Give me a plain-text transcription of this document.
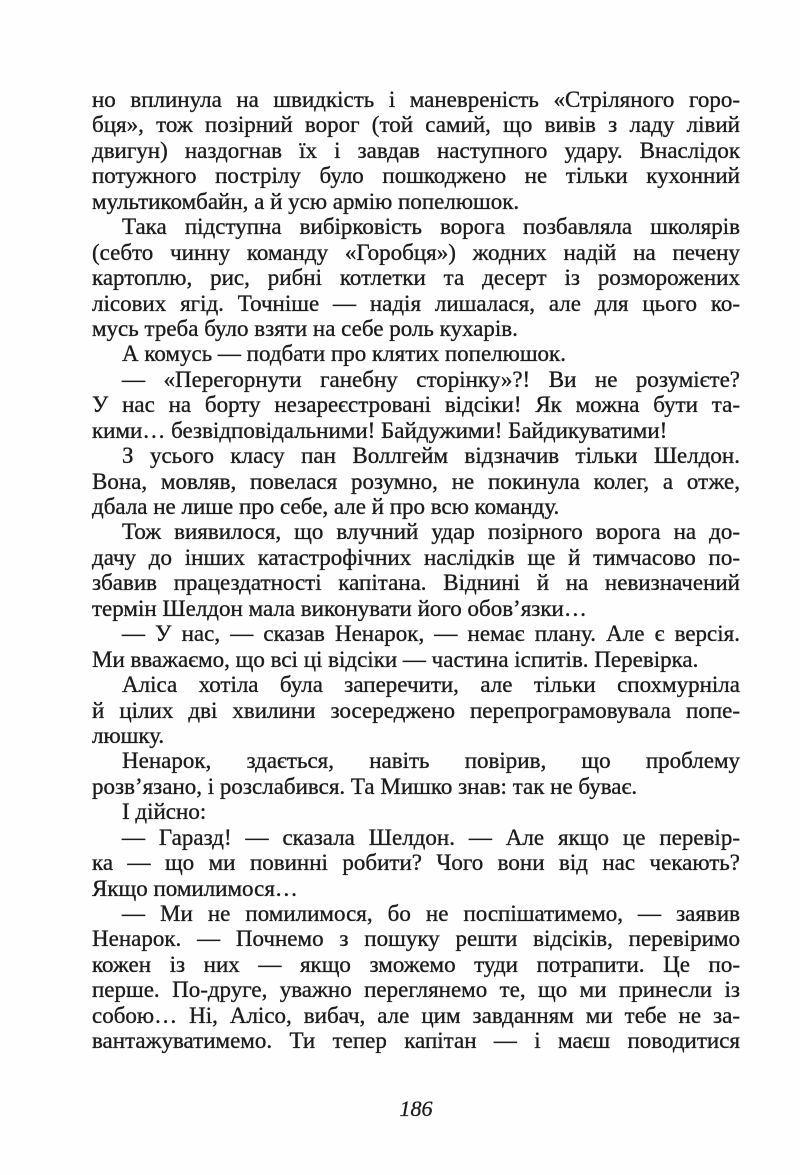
но вплинула на швидкість і маневреність «Стріляного горо-
бця», тож позірний ворог (той самий, що вивів з ладу лівий
двигун) наздогнав їх і завдав наступного удару. Внаслідок
потужного пострілу було пошкоджено не тільки кухонний
мультикомбайн, а й усю армію попелюшок.
Така підступна вибірковість ворога позбавляла школярів
(себто чинну команду «Горобця») жодних надій на печену
картоплю, рис, рибні котлетки та десерт із розморожених
лісових ягід. Точніше — надія лишалася, але для цього ко-
мусь треба було взяти на себе роль кухарів.
А комусь — подбати про клятих попелюшок.
— «Перегорнути ганебну сторінку»?! Ви не розумієте?
У нас на борту незареєстровані відсіки! Як можна бути та-
кими… безвідповідальними! Байдужими! Байдикуватими!
З усього класу пан Воллгейм відзначив тільки Шелдон.
Вона, мовляв, повелася розумно, не покинула колег, а отже,
дбала не лише про себе, але й про всю команду.
Тож виявилося, що влучний удар позірного ворога на до-
дачу до інших катастрофічних наслідків ще й тимчасово по-
збавив працездатності капітана. Віднині й на невизначений
термін Шелдон мала виконувати його обов’язки…
— У нас, — сказав Ненарок, — немає плану. Але є версія.
Ми вважаємо, що всі ці відсіки — частина іспитів. Перевірка.
Аліса хотіла була заперечити, але тільки спохмурніла
й цілих дві хвилини зосереджено перепрограмовувала попе-
люшку.
Ненарок, здається, навіть повірив, що проблему
розв’язано, і розслабився. Та Мишко знав: так не буває.
І дійсно:
— Гаразд! — сказала Шелдон. — Але якщо це перевір-
ка — що ми повинні робити? Чого вони від нас чекають?
Якщо помилимося…
— Ми не помилимося, бо не поспішатимемо, — заявив
Ненарок. — Почнемо з пошуку решти відсіків, перевіримо
кожен із них — якщо зможемо туди потрапити. Це по-
перше. По-друге, уважно переглянемо те, що ми принесли із
собою… Ні, Алісо, вибач, але цим завданням ми тебе не за-
вантажуватимемо. Ти тепер капітан — і маєш поводитися
186
